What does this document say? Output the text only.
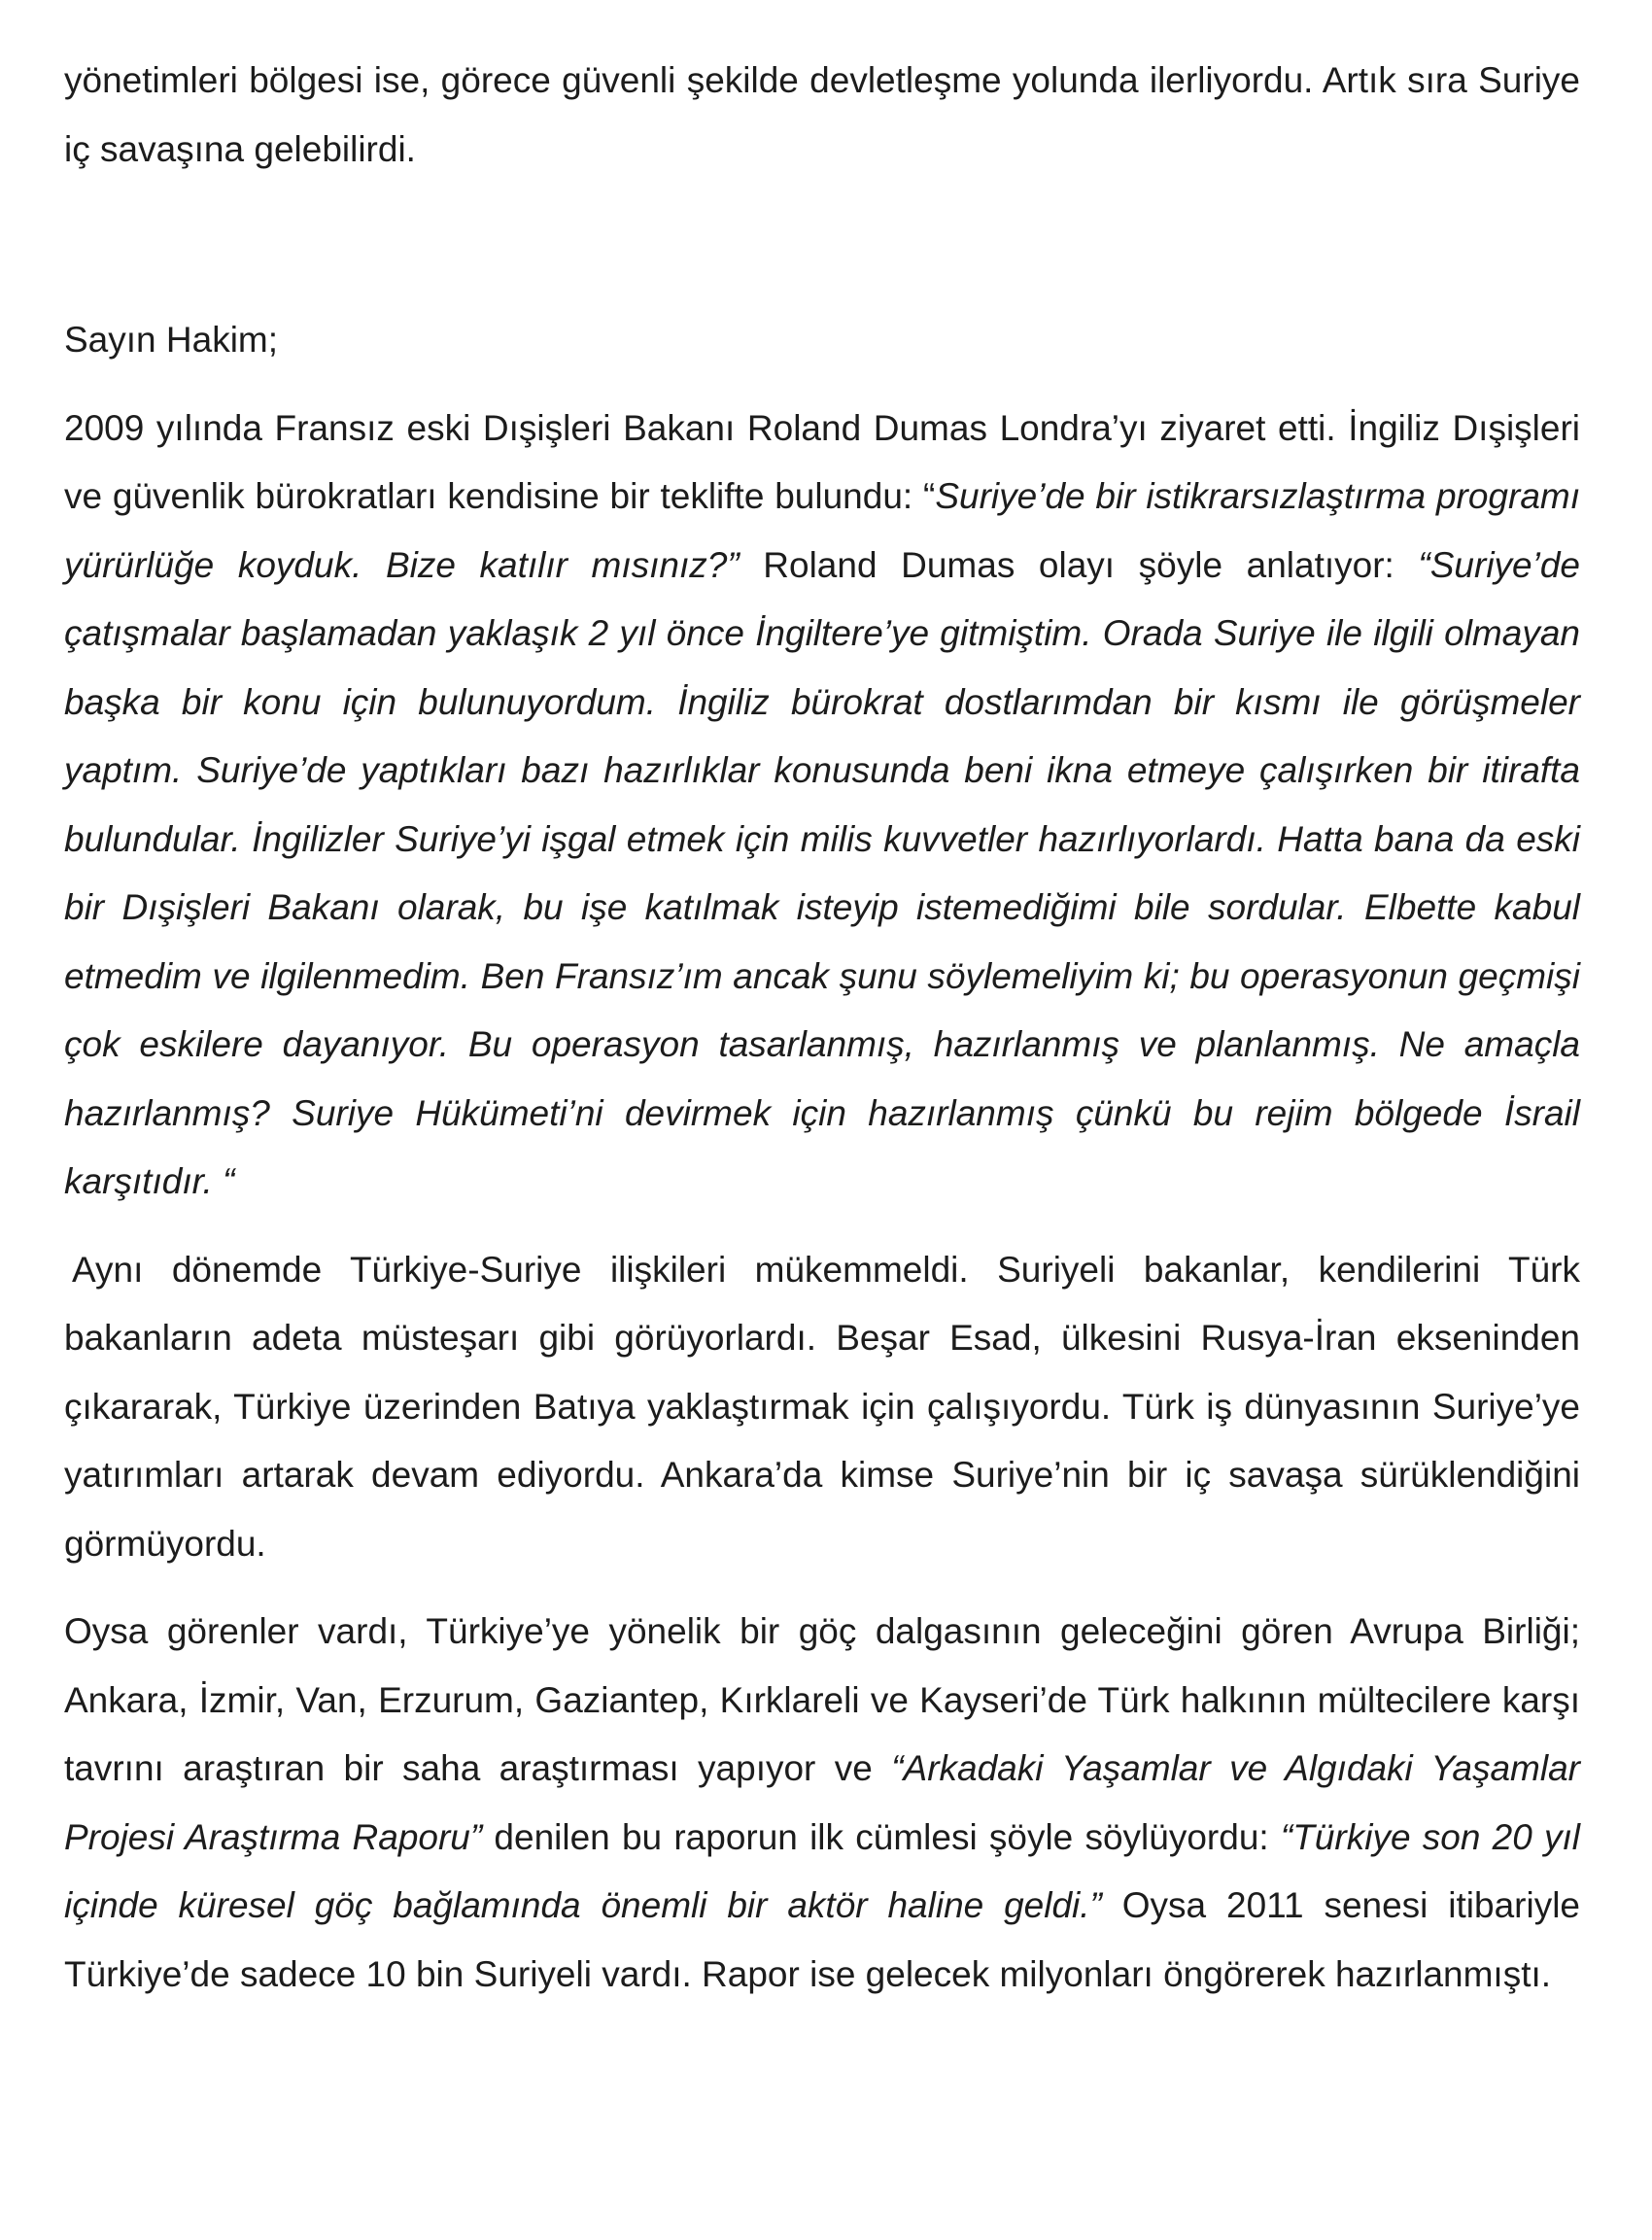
yönetimleri bölgesi ise, görece güvenli şekilde devletleşme yolunda ilerliyordu. Artık sıra Suriye iç savaşına gelebilirdi.

Sayın Hakim;

2009 yılında Fransız eski Dışişleri Bakanı Roland Dumas Londra’yı ziyaret etti. İngiliz Dışişleri ve güvenlik bürokratları kendisine bir teklifte bulundu: “Suriye’de bir istikrarsızlaştırma programı yürürlüğe koyduk. Bize katılır mısınız?” Roland Dumas olayı şöyle anlatıyor: “Suriye’de çatışmalar başlamadan yaklaşık 2 yıl önce İngiltere’ye gitmiştim. Orada Suriye ile ilgili olmayan başka bir konu için bulunuyordum. İngiliz bürokrat dostlarımdan bir kısmı ile görüşmeler yaptım. Suriye’de yaptıkları bazı hazırlıklar konusunda beni ikna etmeye çalışırken bir itirafta bulundular. İngilizler Suriye’yi işgal etmek için milis kuvvetler hazırlıyorlardı. Hatta bana da eski bir Dışişleri Bakanı olarak, bu işe katılmak isteyip istemediğimi bile sordular. Elbette kabul etmedim ve ilgilenmedim. Ben Fransız’ım ancak şunu söylemeliyim ki; bu operasyonun geçmişi çok eskilere dayanıyor. Bu operasyon tasarlanmış, hazırlanmış ve planlanmış. Ne amaçla hazırlanmış? Suriye Hükümeti’ni devirmek için hazırlanmış çünkü bu rejim bölgede İsrail karşıtıdır. “

Aynı dönemde Türkiye-Suriye ilişkileri mükemmeldi. Suriyeli bakanlar, kendilerini Türk bakanların adeta müsteşarı gibi görüyorlardı. Beşar Esad, ülkesini Rusya-İran ekseninden çıkararak, Türkiye üzerinden Batıya yaklaştırmak için çalışıyordu. Türk iş dünyasının Suriye’ye yatırımları artarak devam ediyordu. Ankara’da kimse Suriye’nin bir iç savaşa sürüklendiğini görmüyordu.

Oysa görenler vardı, Türkiye’ye yönelik bir göç dalgasının geleceğini gören Avrupa Birliği; Ankara, İzmir, Van, Erzurum, Gaziantep, Kırklareli ve Kayseri’de Türk halkının mültecilere karşı tavrını araştıran bir saha araştırması yapıyor ve “Arkadaki Yaşamlar ve Algıdaki Yaşamlar Projesi Araştırma Raporu” denilen bu raporun ilk cümlesi şöyle söylüyordu: “Türkiye son 20 yıl içinde küresel göç bağlamında önemli bir aktör haline geldi.” Oysa 2011 senesi itibariyle Türkiye’de sadece 10 bin Suriyeli vardı. Rapor ise gelecek milyonları öngörerek hazırlanmıştı.
